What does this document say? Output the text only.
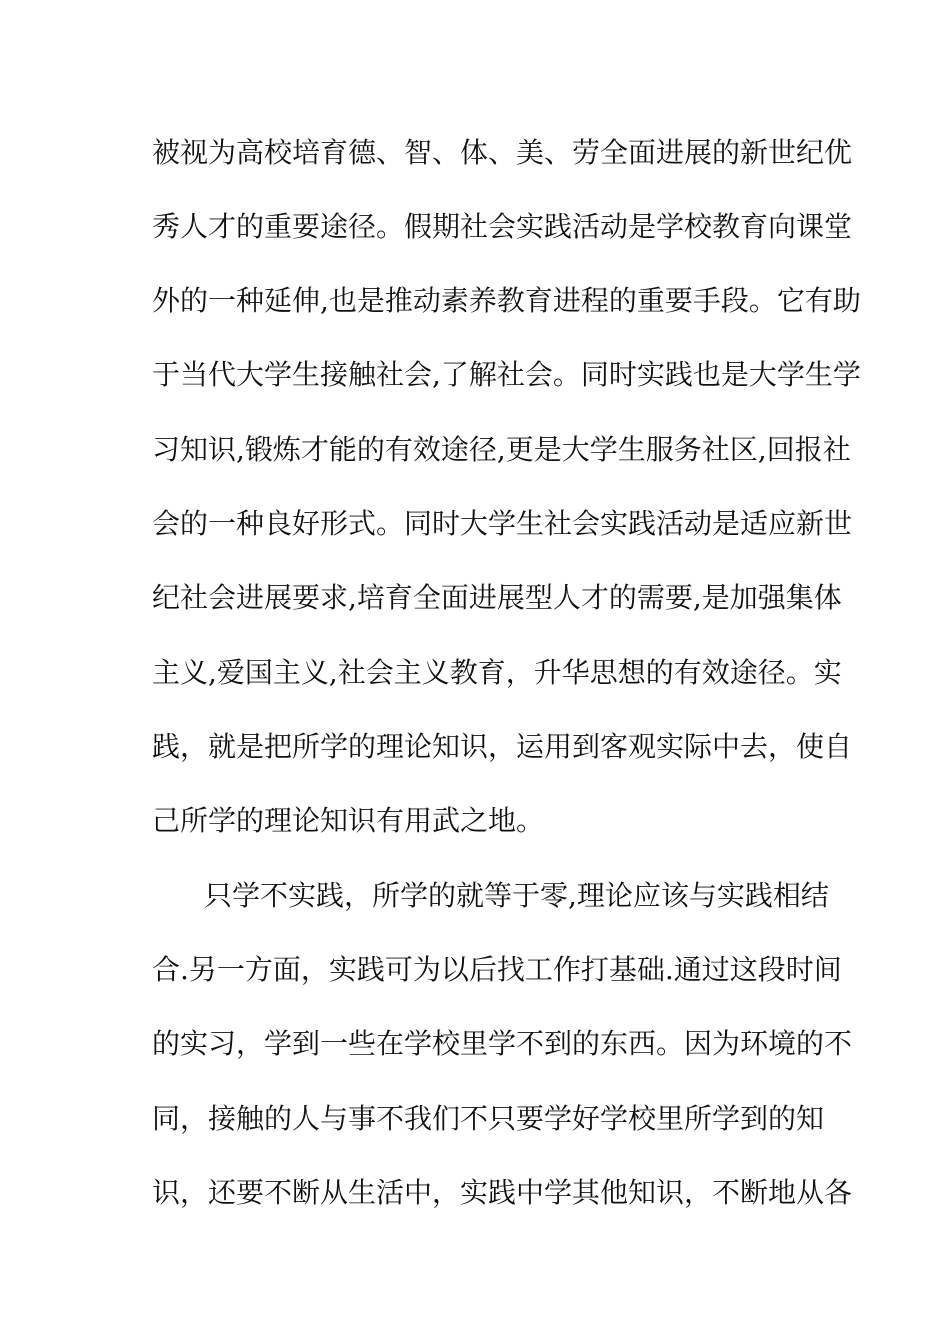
被视为高校培育德、智、体、美、劳全面进展的新世纪优

秀人才的重要途径。假期社会实践活动是学校教育向课堂

外的一种延伸,也是推动素养教育进程的重要手段。它有助

于当代大学生接触社会,了解社会。同时实践也是大学生学

习知识,锻炼才能的有效途径,更是大学生服务社区,回报社

会的一种良好形式。同时大学生社会实践活动是适应新世

纪社会进展要求,培育全面进展型人才的需要,是加强集体

主义,爱国主义,社会主义教育，升华思想的有效途径。实

践，就是把所学的理论知识，运用到客观实际中去，使自

己所学的理论知识有用武之地。

只学不实践，所学的就等于零,理论应该与实践相结

合.另一方面，实践可为以后找工作打基础.通过这段时间

的实习，学到一些在学校里学不到的东西。因为环境的不

同，接触的人与事不我们不只要学好学校里所学到的知

识，还要不断从生活中，实践中学其他知识，不断地从各
